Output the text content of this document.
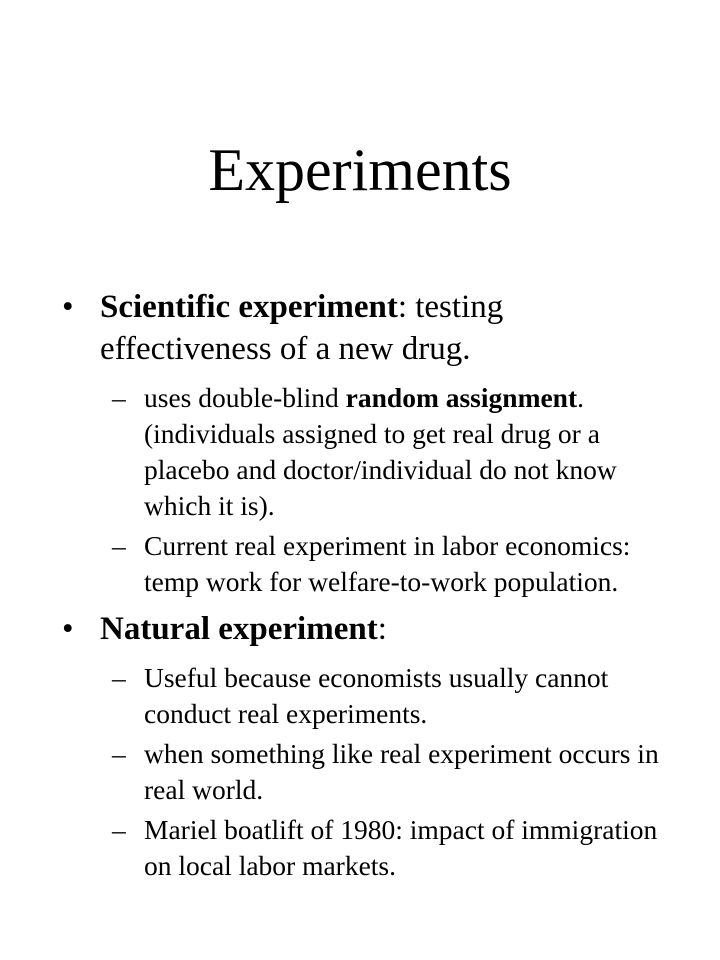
Experiments
• Scientific experiment: testing effectiveness of a new drug.
– uses double-blind random assignment. (individuals assigned to get real drug or a placebo and doctor/individual do not know which it is).
– Current real experiment in labor economics: temp work for welfare-to-work population.
• Natural experiment:
– Useful because economists usually cannot conduct real experiments.
– when something like real experiment occurs in real world.
– Mariel boatlift of 1980: impact of immigration on local labor markets.
